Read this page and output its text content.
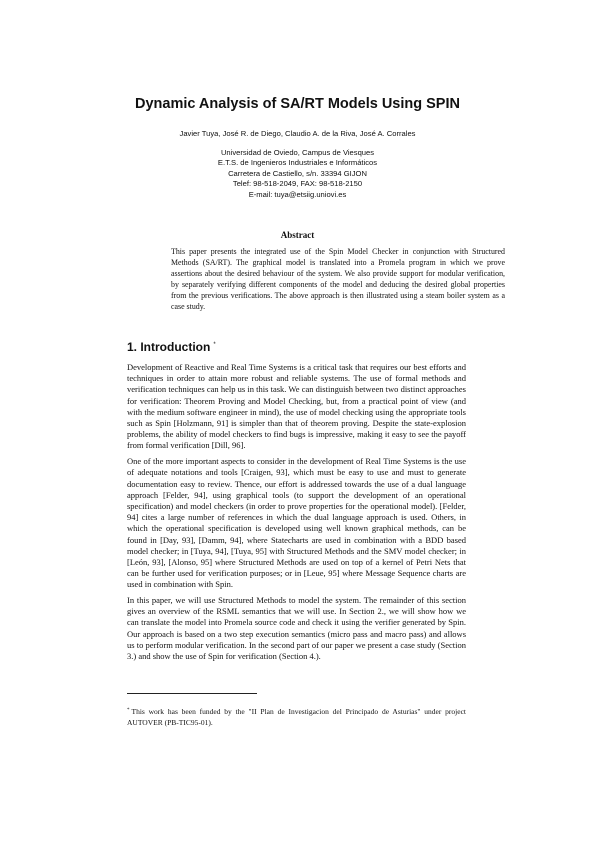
Dynamic Analysis of SA/RT Models Using SPIN
Javier Tuya, José R. de Diego, Claudio A. de la Riva, José A. Corrales
Universidad de Oviedo, Campus de Viesques
E.T.S. de Ingenieros Industriales e Informáticos
Carretera de Castiello, s/n. 33394 GIJON
Telef: 98-518-2049, FAX: 98-518-2150
E-mail: tuya@etsiig.uniovi.es
Abstract
This paper presents the integrated use of the Spin Model Checker in conjunction with Structured Methods (SA/RT). The graphical model is translated into a Promela program in which we prove assertions about the desired behaviour of the system. We also provide support for modular verification, by separately verifying different components of the model and deducing the desired global properties from the previous verifications. The above approach is then illustrated using a steam boiler system as a case study.
1. Introduction *

Development of Reactive and Real Time Systems is a critical task that requires our best efforts and techniques in order to attain more robust and reliable systems. The use of formal methods and verification techniques can help us in this task. We can distinguish between two distinct approaches for verification: Theorem Proving and Model Checking, but, from a practical point of view (and with the medium software engineer in mind), the use of model checking using the appropriate tools such as Spin [Holzmann, 91] is simpler than that of theorem proving. Despite the state-explosion problems, the ability of model checkers to find bugs is impressive, making it easy to see the payoff from formal verification [Dill, 96].

One of the more important aspects to consider in the development of Real Time Systems is the use of adequate notations and tools [Craigen, 93], which must be easy to use and must to generate documentation easy to review. Thence, our effort is addressed towards the use of a dual language approach [Felder, 94], using graphical tools (to support the development of an operational specification) and model checkers (in order to prove properties for the operational model). [Felder, 94] cites a large number of references in which the dual language approach is used. Others, in which the operational specification is developed using well known graphical methods, can be found in [Day, 93], [Damm, 94], where Statecharts are used in combination with a BDD based model checker; in [Tuya, 94], [Tuya, 95] with Structured Methods and the SMV model checker; in [León, 93], [Alonso, 95] where Structured Methods are used on top of a kernel of Petri Nets that can be further used for verification purposes; or in [Leue, 95] where Message Sequence charts are used in combination with Spin.

In this paper, we will use Structured Methods to model the system. The remainder of this section gives an overview of the RSML semantics that we will use. In Section 2., we will show how we can translate the model into Promela source code and check it using the verifier generated by Spin. Our approach is based on a two step execution semantics (micro pass and macro pass) and allows us to perform modular verification. In the second part of our paper we present a case study (Section 3.) and show the use of Spin for verification (Section 4.).

* This work has been funded by the "II Plan de Investigacion del Principado de Asturias" under project AUTOVER (PB-TIC95-01).
